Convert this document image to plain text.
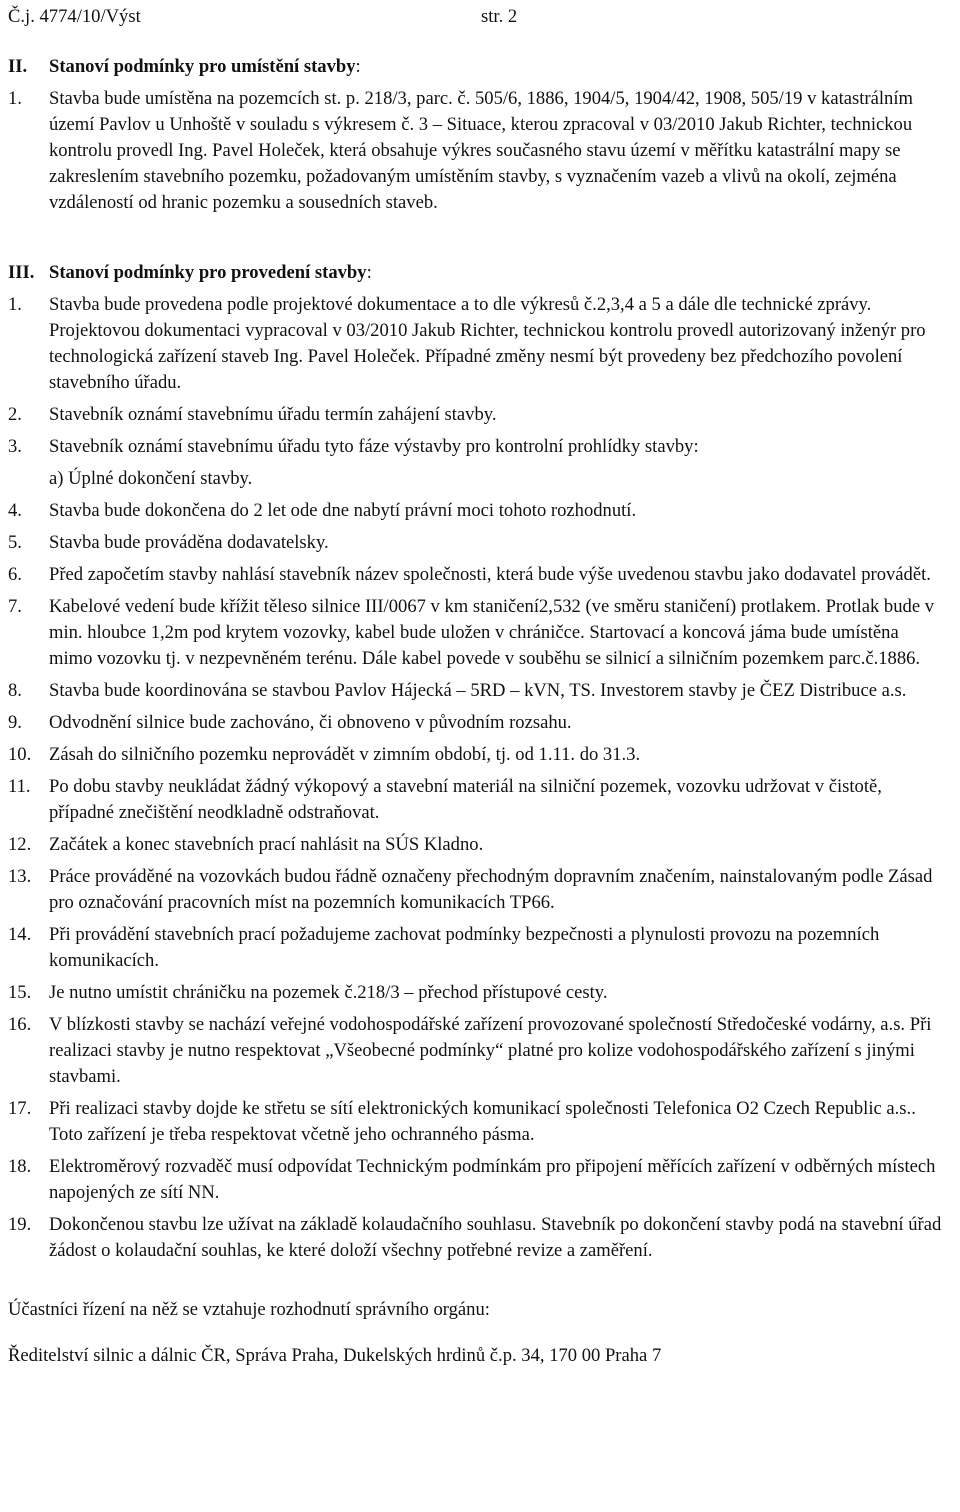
Č.j. 4774/10/Výst	str. 2
II. Stanoví podmínky pro umístění stavby:
1. Stavba bude umístěna na pozemcích st. p. 218/3, parc. č. 505/6, 1886, 1904/5, 1904/42, 1908, 505/19 v katastrálním území Pavlov u Unhoště v souladu s výkresem č. 3 – Situace, kterou zpracoval v 03/2010 Jakub Richter, technickou kontrolu provedl Ing. Pavel Holeček, která obsahuje výkres současného stavu území v měřítku katastrální mapy se zakreslením stavebního pozemku, požadovaným umístěním stavby, s vyznačením vazeb a vlivů na okolí, zejména vzdáleností od hranic pozemku a sousedních staveb.
III. Stanoví podmínky pro provedení stavby:
1. Stavba bude provedena podle projektové dokumentace a to dle výkresů č.2,3,4 a 5 a dále dle technické zprávy. Projektovou dokumentaci vypracoval v 03/2010 Jakub Richter, technickou kontrolu provedl autorizovaný inženýr pro technologická zařízení staveb Ing. Pavel Holeček. Případné změny nesmí být provedeny bez předchozího povolení stavebního úřadu.
2. Stavebník oznámí stavebnímu úřadu termín zahájení stavby.
3. Stavebník oznámí stavebnímu úřadu tyto fáze výstavby pro kontrolní prohlídky stavby:
a) Úplné dokončení stavby.
4. Stavba bude dokončena do 2 let ode dne nabytí právní moci tohoto rozhodnutí.
5. Stavba bude prováděna dodavatelsky.
6. Před započetím stavby nahlásí stavebník název společnosti, která bude výše uvedenou stavbu jako dodavatel provádět.
7. Kabelové vedení bude křížit těleso silnice III/0067 v km staničení2,532 (ve směru staničení) protlakem. Protlak bude v min. hloubce 1,2m pod krytem vozovky, kabel bude uložen v chráničce. Startovací a koncová jáma bude umístěna mimo vozovku tj. v nezpevněném terénu. Dále kabel povede v souběhu se silnicí a silničním pozemkem parc.č.1886.
8. Stavba bude koordinována se stavbou Pavlov Hájecká – 5RD – kVN, TS. Investorem stavby je ČEZ Distribuce a.s.
9. Odvodnění silnice bude zachováno, či obnoveno v původním rozsahu.
10. Zásah do silničního pozemku neprovádět v zimním období, tj. od 1.11. do 31.3.
11. Po dobu stavby neukládat žádný výkopový a stavební materiál na silniční pozemek, vozovku udržovat v čistotě, případné znečištění neodkladně odstraňovat.
12. Začátek a konec stavebních prací nahlásit na SÚS Kladno.
13. Práce prováděné na vozovkách budou řádně označeny přechodným dopravním značením, nainstalovaným podle Zásad pro označování pracovních míst na pozemních komunikacích TP66.
14. Při provádění stavebních prací požadujeme zachovat podmínky bezpečnosti a plynulosti provozu na pozemních komunikacích.
15. Je nutno umístit chráničku na pozemek č.218/3 – přechod přístupové cesty.
16. V blízkosti stavby se nachází veřejné vodohospodářské zařízení provozované společností Středočeské vodárny, a.s. Při realizaci stavby je nutno respektovat „Všeobecné podmínky“ platné pro kolize vodohospodářského zařízení s jinými stavbami.
17. Při realizaci stavby dojde ke střetu se sítí elektronických komunikací společnosti Telefonica O2 Czech Republic a.s.. Toto zařízení je třeba respektovat včetně jeho ochranného pásma.
18. Elektroměrový rozvaděč musí odpovídat Technickým podmínkám pro připojení měřících zařízení v odběrných místech napojených ze sítí NN.
19. Dokončenou stavbu lze užívat na základě kolaudačního souhlasu. Stavebník po dokončení stavby podá na stavební úřad žádost o kolaudační souhlas, ke které doloží všechny potřebné revize a zaměření.
Účastníci řízení na něž se vztahuje rozhodnutí správního orgánu:
Ředitelství silnic a dálnic ČR, Správa Praha, Dukelských hrdinů č.p. 34, 170 00 Praha 7
